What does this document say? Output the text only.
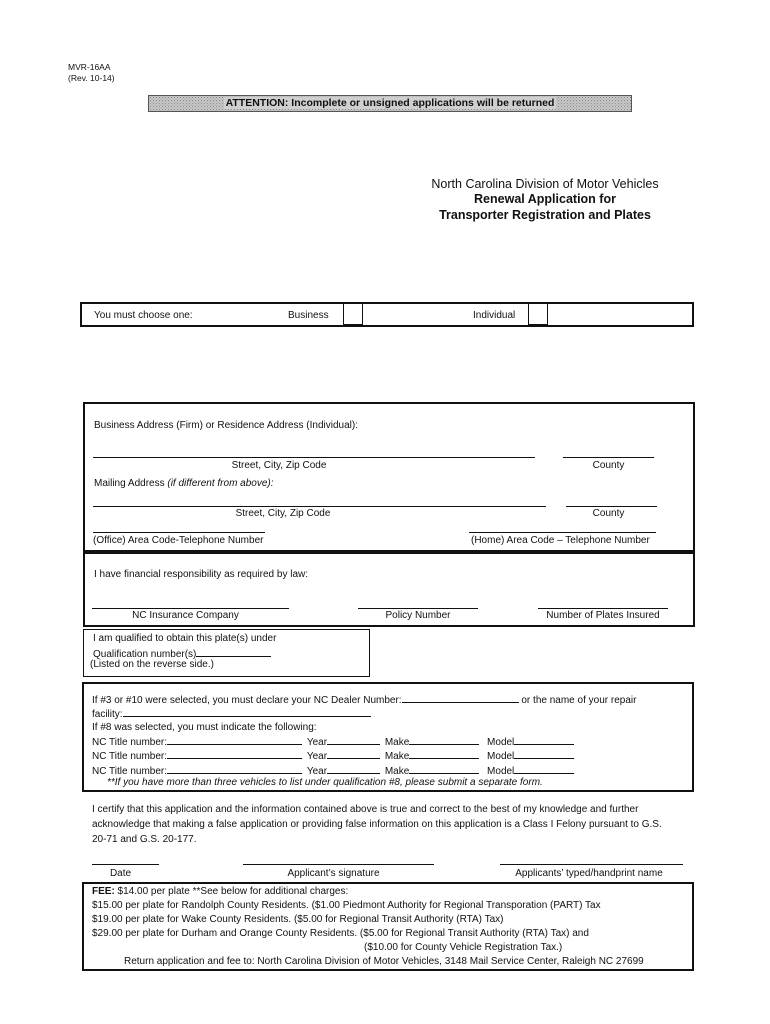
MVR-16AA
(Rev. 10-14)
ATTENTION: Incomplete or unsigned applications will be returned
North Carolina Division of Motor Vehicles
Renewal Application for
Transporter Registration and Plates
You must choose one:	Business	Individual
Business Address (Firm) or Residence Address (Individual):
Street, City, Zip Code	County
Mailing Address (if different from above):
Street, City, Zip Code	County
(Office) Area Code-Telephone Number	(Home) Area Code – Telephone Number
I have financial responsibility as required by law:
NC Insurance Company	Policy Number	Number of Plates Insured
I am qualified to obtain this plate(s) under
Qualification number(s)
(Listed on the reverse side.)
If #3 or #10 were selected, you must declare your NC Dealer Number:	or the name of your repair
facility:
If #8 was selected, you must indicate the following:
NC Title number:	Year	Make	Model
NC Title number:	Year	Make	Model
NC Title number:	Year	Make	Model
**If you have more than three vehicles to list under qualification #8, please submit a separate form.
I certify that this application and the information contained above is true and correct to the best of my knowledge and further acknowledge that making a false application or providing false information on this application is a Class I Felony pursuant to G.S. 20-71 and G.S. 20-177.
Date	Applicant’s signature	Applicants’ typed/handprint name
FEE: $14.00 per plate **See below for additional charges:
$15.00 per plate for Randolph County Residents. ($1.00 Piedmont Authority for Regional Transporation (PART) Tax
$19.00 per plate for Wake County Residents. ($5.00 for Regional Transit Authority (RTA) Tax)
$29.00 per plate for Durham and Orange County Residents. ($5.00 for Regional Transit Authority (RTA) Tax) and
($10.00 for County Vehicle Registration Tax.)
Return application and fee to: North Carolina Division of Motor Vehicles, 3148 Mail Service Center, Raleigh NC 27699
